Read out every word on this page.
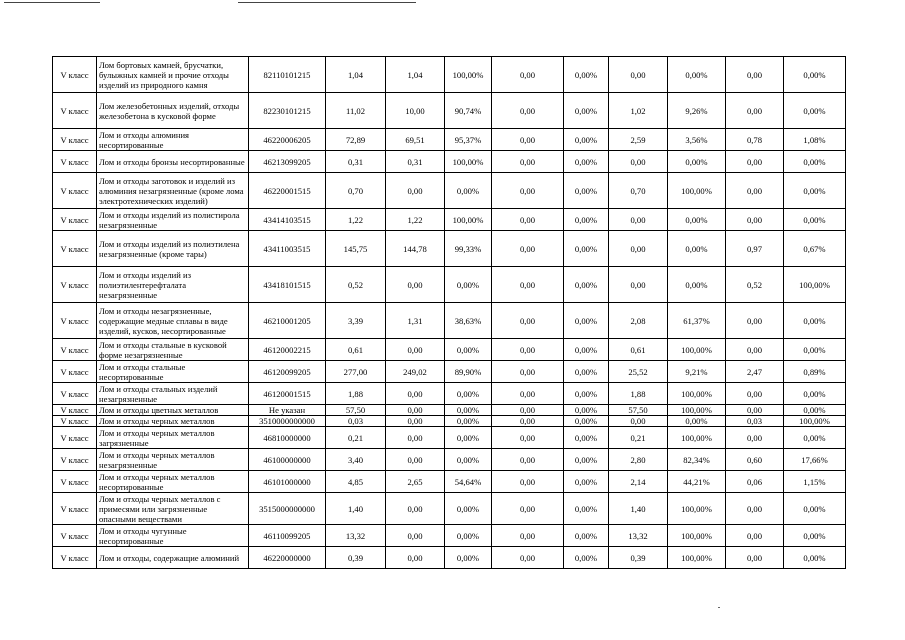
V класс	Лом бортовых камней, брусчатки, булыжных камней и прочие отходы изделий из природного камня	82110101215	1,04	1,04	100,00%	0,00	0,00%	0,00	0,00%	0,00	0,00%
V класс	Лом железобетонных изделий, отходы железобетона в кусковой форме	82230101215	11,02	10,00	90,74%	0,00	0,00%	1,02	9,26%	0,00	0,00%
V класс	Лом и отходы алюминия несортированные	46220006205	72,89	69,51	95,37%	0,00	0,00%	2,59	3,56%	0,78	1,08%
V класс	Лом и отходы бронзы несортированные	46213099205	0,31	0,31	100,00%	0,00	0,00%	0,00	0,00%	0,00	0,00%
V класс	Лом и отходы заготовок и изделий из алюминия незагрязненные (кроме лома электротехнических изделий)	46220001515	0,70	0,00	0,00%	0,00	0,00%	0,70	100,00%	0,00	0,00%
V класс	Лом и отходы изделий из полистирола незагрязненные	43414103515	1,22	1,22	100,00%	0,00	0,00%	0,00	0,00%	0,00	0,00%
V класс	Лом и отходы изделий из полиэтилена незагрязненные (кроме тары)	43411003515	145,75	144,78	99,33%	0,00	0,00%	0,00	0,00%	0,97	0,67%
V класс	Лом и отходы изделий из полиэтилентерефталата незагрязненные	43418101515	0,52	0,00	0,00%	0,00	0,00%	0,00	0,00%	0,52	100,00%
V класс	Лом и отходы незагрязненные, содержащие медные сплавы в виде изделий, кусков, несортированные	46210001205	3,39	1,31	38,63%	0,00	0,00%	2,08	61,37%	0,00	0,00%
V класс	Лом и отходы стальные в кусковой форме незагрязненные	46120002215	0,61	0,00	0,00%	0,00	0,00%	0,61	100,00%	0,00	0,00%
V класс	Лом и отходы стальные несортированные	46120099205	277,00	249,02	89,90%	0,00	0,00%	25,52	9,21%	2,47	0,89%
V класс	Лом и отходы стальных изделий незагрязненные	46120001515	1,88	0,00	0,00%	0,00	0,00%	1,88	100,00%	0,00	0,00%
V класс	Лом и отходы цветных металлов	Не указан	57,50	0,00	0,00%	0,00	0,00%	57,50	100,00%	0,00	0,00%
V класс	Лом и отходы черных металлов	3510000000000	0,03	0,00	0,00%	0,00	0,00%	0,00	0,00%	0,03	100,00%
V класс	Лом и отходы черных металлов загрязненные	46810000000	0,21	0,00	0,00%	0,00	0,00%	0,21	100,00%	0,00	0,00%
V класс	Лом и отходы черных металлов незагрязненные	46100000000	3,40	0,00	0,00%	0,00	0,00%	2,80	82,34%	0,60	17,66%
V класс	Лом и отходы черных металлов несортированные	46101000000	4,85	2,65	54,64%	0,00	0,00%	2,14	44,21%	0,06	1,15%
V класс	Лом и отходы черных металлов с примесями или загрязненные опасными веществами	3515000000000	1,40	0,00	0,00%	0,00	0,00%	1,40	100,00%	0,00	0,00%
V класс	Лом и отходы чугунные несортированные	46110099205	13,32	0,00	0,00%	0,00	0,00%	13,32	100,00%	0,00	0,00%
V класс	Лом и отходы, содержащие алюминий	46220000000	0,39	0,00	0,00%	0,00	0,00%	0,39	100,00%	0,00	0,00%
